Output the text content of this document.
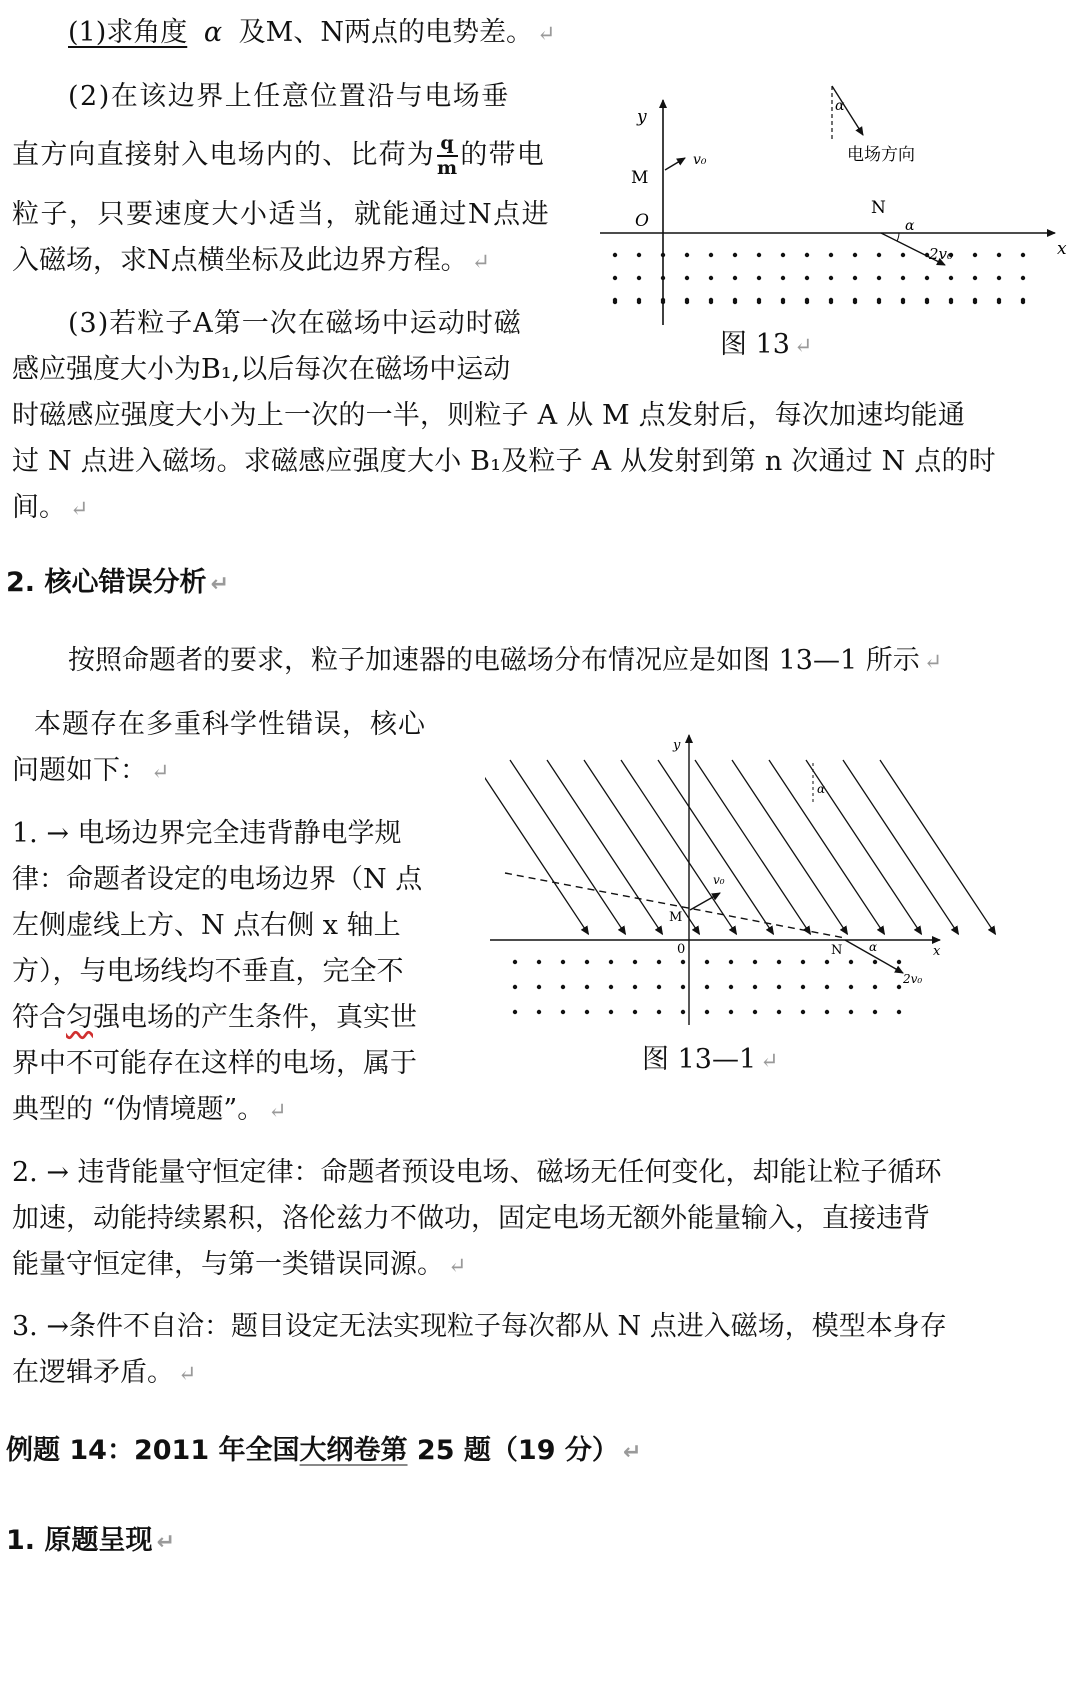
(1)求角度 α 及M、N两点的电势差。 ↵
(2)在该边界上任意位置沿与电场垂
直方向直接射入电场内的、比荷为 $\frac{q}{m}$ 的带电
粒子，只要速度大小适当，就能通过N点进
入磁场，求N点横坐标及此边界方程。 ↵
(3)若粒子A第一次在磁场中运动时磁
感应强度大小为B₁,以后每次在磁场中运动
时磁感应强度大小为上一次的一半，则粒子 A 从 M 点发射后，每次加速均能通
过 N 点进入磁场。求磁感应强度大小 B₁及粒子 A 从发射到第 n 次通过 N 点的时
间。 ↵
y
x
O
M
v₀
α
电场方向
N
α
2v₀
图 13 ↵
2. 核心错误分析 ↵
按照命题者的要求，粒子加速器的电磁场分布情况应是如图 13—1 所示 ↵
本题存在多重科学性错误，核心
问题如下： ↵
1. → 电场边界完全违背静电学规
律：命题者设定的电场边界（N 点
左侧虚线上方、N 点右侧 x 轴上
方），与电场线均不垂直，完全不
符合匀强电场的产生条件，真实世
界中不可能存在这样的电场，属于
典型的 “伪情境题”。 ↵
y
x
0
M
v₀
α
N α
2v₀
图 13—1 ↵
2. → 违背能量守恒定律：命题者预设电场、磁场无任何变化，却能让粒子循环
加速，动能持续累积，洛伦兹力不做功，固定电场无额外能量输入，直接违背
能量守恒定律，与第一类错误同源。 ↵
3. →条件不自洽：题目设定无法实现粒子每次都从 N 点进入磁场，模型本身存
在逻辑矛盾。 ↵
例题 14：2011 年全国大纲卷第 25 题（19 分） ↵
1. 原题呈现 ↵
